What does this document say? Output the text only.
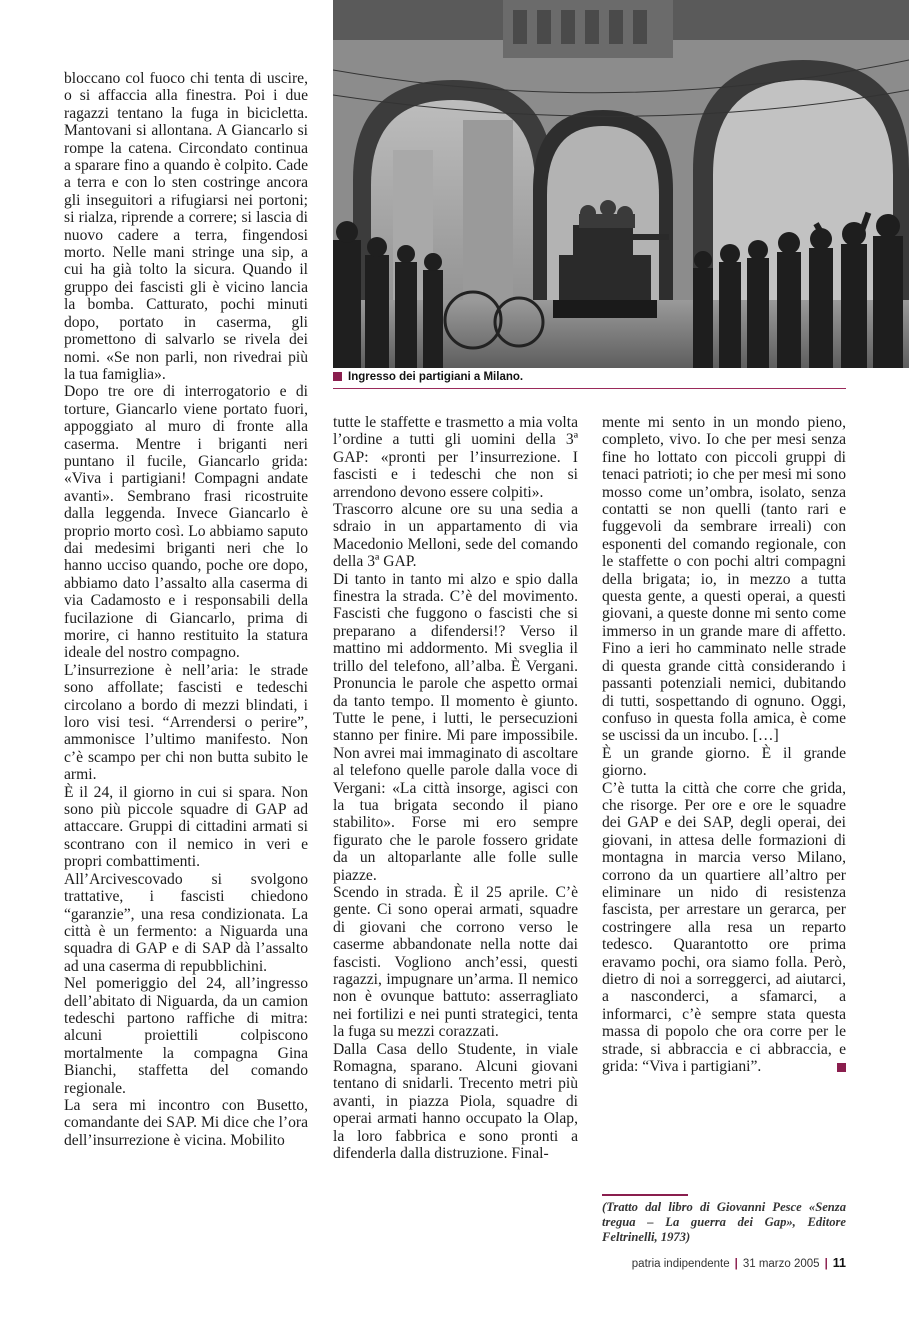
Ingresso dei partigiani a Milano.

bloccano col fuoco chi tenta di uscire, o si affaccia alla finestra. Poi i due ragazzi tentano la fuga in bicicletta. Mantovani si allontana. A Giancarlo si rompe la catena. Circondato continua a sparare fino a quando è colpito. Cade a terra e con lo sten costringe ancora gli inseguitori a rifugiarsi nei portoni; si rialza, riprende a correre; si lascia di nuovo cadere a terra, fingendosi morto. Nelle mani stringe una sip, a cui ha già tolto la sicura. Quando il gruppo dei fascisti gli è vicino lancia la bomba. Catturato, pochi minuti dopo, portato in caserma, gli promettono di salvarlo se rivela dei nomi. «Se non parli, non rivedrai più la tua famiglia».

Dopo tre ore di interrogatorio e di torture, Giancarlo viene portato fuori, appoggiato al muro di fronte alla caserma. Mentre i briganti neri puntano il fucile, Giancarlo grida: «Viva i partigiani! Compagni andate avanti». Sembrano frasi ricostruite dalla leggenda. Invece Giancarlo è proprio morto così. Lo abbiamo saputo dai medesimi briganti neri che lo hanno ucciso quando, poche ore dopo, abbiamo dato l’assalto alla caserma di via Cadamosto e i responsabili della fucilazione di Giancarlo, prima di morire, ci hanno restituito la statura ideale del nostro compagno.

L’insurrezione è nell’aria: le strade sono affollate; fascisti e tedeschi circolano a bordo di mezzi blindati, i loro visi tesi. “Arrendersi o perire”, ammonisce l’ultimo manifesto. Non c’è scampo per chi non butta subito le armi.

È il 24, il giorno in cui si spara. Non sono più piccole squadre di GAP ad attaccare. Gruppi di cittadini armati si scontrano con il nemico in veri e propri combattimenti.

All’Arcivescovado si svolgono trattative, i fascisti chiedono “garanzie”, una resa condizionata. La città è un fermento: a Niguarda una squadra di GAP e di SAP dà l’assalto ad una caserma di repubblichini.

Nel pomeriggio del 24, all’ingresso dell’abitato di Niguarda, da un camion tedeschi partono raffiche di mitra: alcuni proiettili colpiscono mortalmente la compagna Gina Bianchi, staffetta del comando regionale.

La sera mi incontro con Busetto, comandante dei SAP. Mi dice che l’ora dell’insurrezione è vicina. Mobilito

tutte le staffette e trasmetto a mia volta l’ordine a tutti gli uomini della 3ª GAP: «pronti per l’insurrezione. I fascisti e i tedeschi che non si arrendono devono essere colpiti».

Trascorro alcune ore su una sedia a sdraio in un appartamento di via Macedonio Melloni, sede del comando della 3ª GAP.

Di tanto in tanto mi alzo e spio dalla finestra la strada. C’è del movimento. Fascisti che fuggono o fascisti che si preparano a difendersi!? Verso il mattino mi addormento. Mi sveglia il trillo del telefono, all’alba. È Vergani. Pronuncia le parole che aspetto ormai da tanto tempo. Il momento è giunto. Tutte le pene, i lutti, le persecuzioni stanno per finire. Mi pare impossibile. Non avrei mai immaginato di ascoltare al telefono quelle parole dalla voce di Vergani: «La città insorge, agisci con la tua brigata secondo il piano stabilito». Forse mi ero sempre figurato che le parole fossero gridate da un altoparlante alle folle sulle piazze.

Scendo in strada. È il 25 aprile. C’è gente. Ci sono operai armati, squadre di giovani che corrono verso le caserme abbandonate nella notte dai fascisti. Vogliono anch’essi, questi ragazzi, impugnare un’arma. Il nemico non è ovunque battuto: asserragliato nei fortilizi e nei punti strategici, tenta la fuga su mezzi corazzati.

Dalla Casa dello Studente, in viale Romagna, sparano. Alcuni giovani tentano di snidarli. Trecento metri più avanti, in piazza Piola, squadre di operai armati hanno occupato la Olap, la loro fabbrica e sono pronti a difenderla dalla distruzione. Final-

mente mi sento in un mondo pieno, completo, vivo. Io che per mesi senza fine ho lottato con piccoli gruppi di tenaci patrioti; io che per mesi mi sono mosso come un’ombra, isolato, senza contatti se non quelli (tanto rari e fuggevoli da sembrare irreali) con esponenti del comando regionale, con le staffette o con pochi altri compagni della brigata; io, in mezzo a tutta questa gente, a questi operai, a questi giovani, a queste donne mi sento come immerso in un grande mare di affetto. Fino a ieri ho camminato nelle strade di questa grande città considerando i passanti potenziali nemici, dubitando di tutti, sospettando di ognuno. Oggi, confuso in questa folla amica, è come se uscissi da un incubo. […]

È un grande giorno. È il grande giorno.

C’è tutta la città che corre che grida, che risorge. Per ore e ore le squadre dei GAP e dei SAP, degli operai, dei giovani, in attesa delle formazioni di montagna in marcia verso Milano, corrono da un quartiere all’altro per eliminare un nido di resistenza fascista, per arrestare un gerarca, per costringere alla resa un reparto tedesco. Quarantotto ore prima eravamo pochi, ora siamo folla. Però, dietro di noi a sorreggerci, ad aiutarci, a nasconderci, a sfamarci, a informarci, c’è sempre stata questa massa di popolo che ora corre per le strade, si abbraccia e ci abbraccia, e grida: “Viva i partigiani”.

(Tratto dal libro di Giovanni Pesce «Senza tregua – La guerra dei Gap», Editore Feltrinelli, 1973)
patria indipendente | 31 marzo 2005 | 11
